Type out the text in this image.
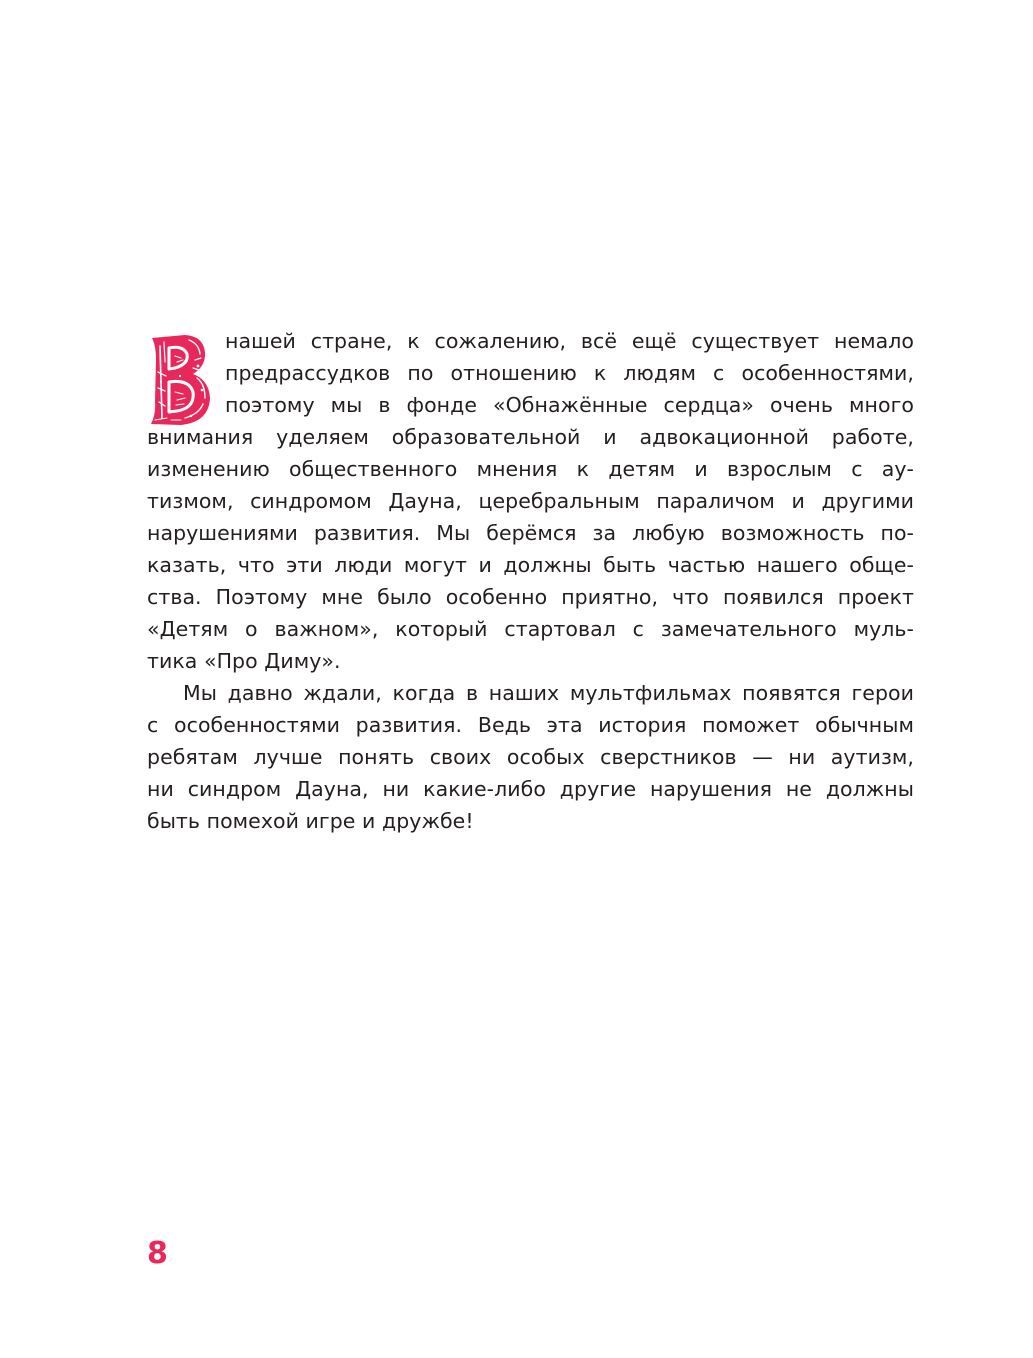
нашей стране, к сожалению, всё ещё существует немало
предрассудков по отношению к людям с особенностями,
поэтому мы в фонде «Обнажённые сердца» очень много
внимания уделяем образовательной и адвокационной работе,
изменению общественного мнения к детям и взрослым с ау-
тизмом, синдромом Дауна, церебральным параличом и другими
нарушениями развития. Мы берёмся за любую возможность по-
казать, что эти люди могут и должны быть частью нашего обще-
ства. Поэтому мне было особенно приятно, что появился проект
«Детям о важном», который стартовал с замечательного муль-
тика «Про Диму».
Мы давно ждали, когда в наших мультфильмах появятся герои
с особенностями развития. Ведь эта история поможет обычным
ребятам лучше понять своих особых сверстников — ни аутизм,
ни синдром Дауна, ни какие-либо другие нарушения не должны
быть помехой игре и дружбе!
8
